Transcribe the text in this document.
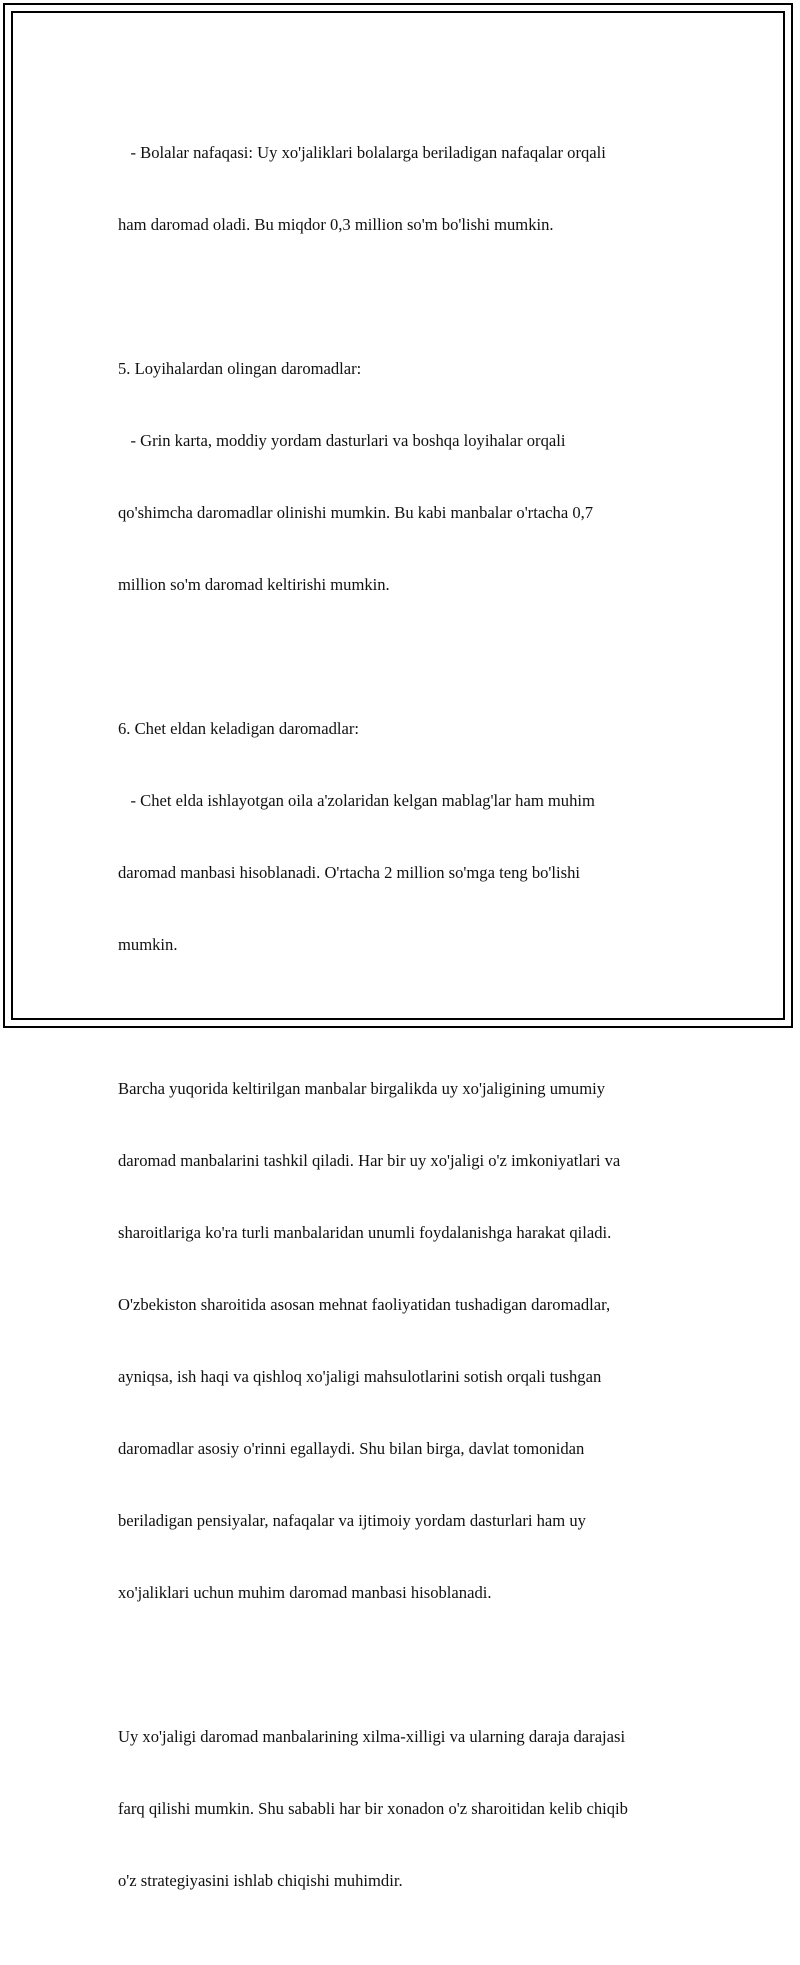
- Bolalar nafaqasi: Uy xo'jaliklari bolalarga beriladigan nafaqalar orqali

ham daromad oladi. Bu miqdor 0,3 million so'm bo'lishi mumkin.

5. Loyihalardan olingan daromadlar:

- Grin karta, moddiy yordam dasturlari va boshqa loyihalar orqali

qo'shimcha daromadlar olinishi mumkin. Bu kabi manbalar o'rtacha 0,7

million so'm daromad keltirishi mumkin.

6. Chet eldan keladigan daromadlar:

- Chet elda ishlayotgan oila a'zolaridan kelgan mablag'lar ham muhim

daromad manbasi hisoblanadi. O'rtacha 2 million so'mga teng bo'lishi

mumkin.

Barcha yuqorida keltirilgan manbalar birgalikda uy xo'jaligining umumiy

daromad manbalarini tashkil qiladi. Har bir uy xo'jaligi o'z imkoniyatlari va

sharoitlariga ko'ra turli manbalaridan unumli foydalanishga harakat qiladi.

O'zbekiston sharoitida asosan mehnat faoliyatidan tushadigan daromadlar,

ayniqsa, ish haqi va qishloq xo'jaligi mahsulotlarini sotish orqali tushgan

daromadlar asosiy o'rinni egallaydi. Shu bilan birga, davlat tomonidan

beriladigan pensiyalar, nafaqalar va ijtimoiy yordam dasturlari ham uy

xo'jaliklari uchun muhim daromad manbasi hisoblanadi.

Uy xo'jaligi daromad manbalarining xilma-xilligi va ularning daraja darajasi

farq qilishi mumkin. Shu sababli har bir xonadon o'z sharoitidan kelib chiqib

o'z strategiyasini ishlab chiqishi muhimdir.
